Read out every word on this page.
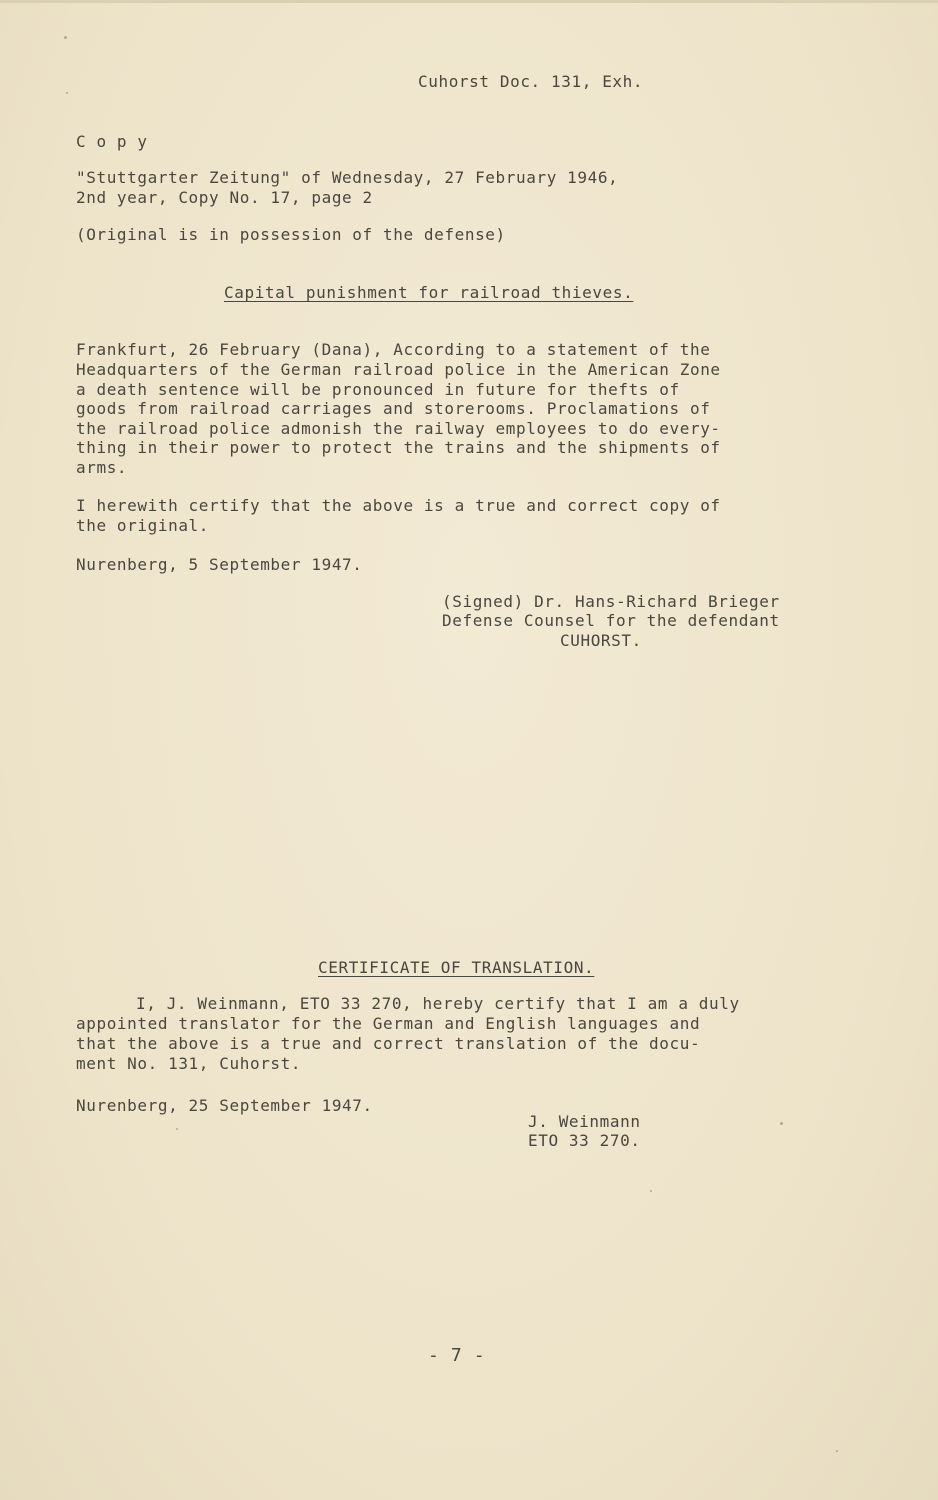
Cuhorst Doc. 131, Exh.

C o p y

"Stuttgarter Zeitung" of Wednesday, 27 February 1946,

2nd year, Copy No. 17, page 2

(Original is in possession of the defense)

Capital punishment for railroad thieves.

Frankfurt, 26 February (Dana), According to a statement of the

Headquarters of the German railroad police in the American Zone

a death sentence will be pronounced in future for thefts of

goods from railroad carriages and storerooms. Proclamations of

the railroad police admonish the railway employees to do every-

thing in their power to protect the trains and the shipments of

arms.

I herewith certify that the above is a true and correct copy of

the original.

Nurenberg, 5 September 1947.

(Signed) Dr. Hans-Richard Brieger

Defense Counsel for the defendant

CUHORST.

CERTIFICATE OF TRANSLATION.

I, J. Weinmann, ETO 33 270, hereby certify that I am a duly

appointed translator for the German and English languages and

that the above is a true and correct translation of the docu-

ment No. 131, Cuhorst.

Nurenberg, 25 September 1947.

J. Weinmann

ETO 33 270.

- 7 -
